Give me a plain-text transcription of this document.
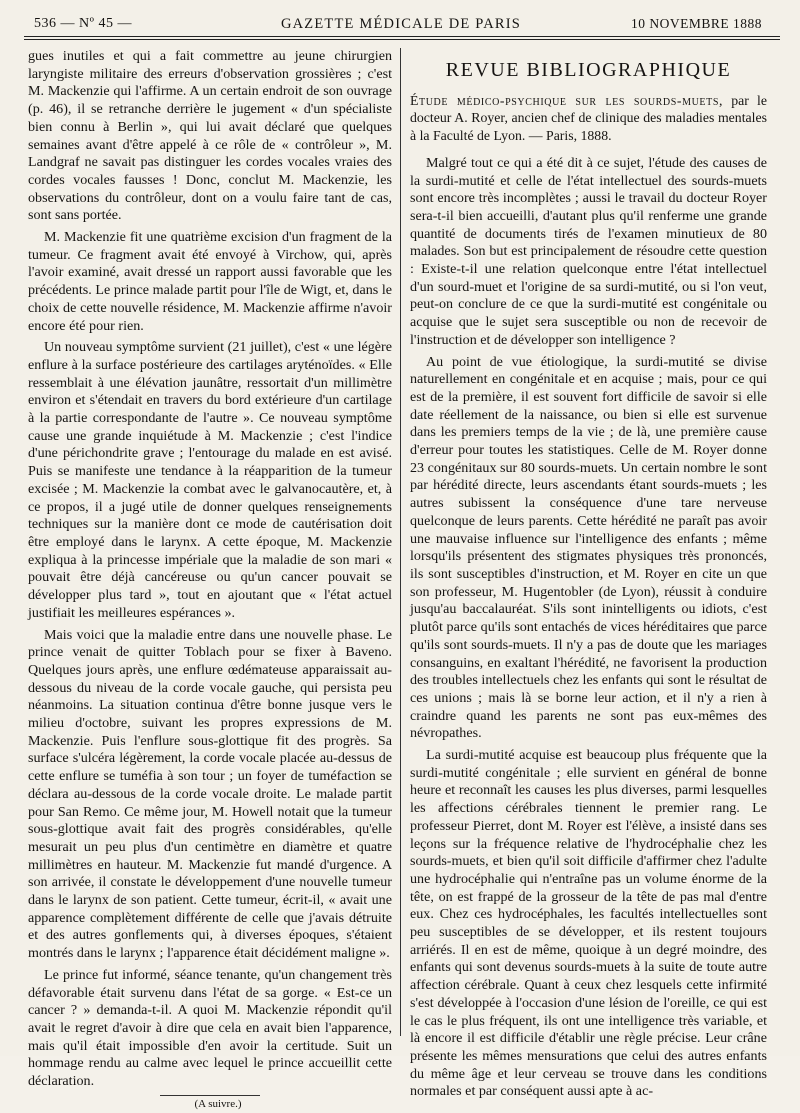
536 — Nº 45 —	GAZETTE MÉDICALE DE PARIS	10 NOVEMBRE 1888

gues inutiles et qui a fait commettre au jeune chirurgien laryngiste militaire des erreurs d'observation grossières ; c'est M. Mackenzie qui l'affirme. A un certain endroit de son ouvrage (p. 46), il se retranche derrière le jugement « d'un spécialiste bien connu à Berlin », qui lui avait déclaré que quelques semaines avant d'être appelé à ce rôle de « contrôleur », M. Landgraf ne savait pas distinguer les cordes vocales vraies des cordes vocales fausses ! Donc, conclut M. Mackenzie, les observations du contrôleur, dont on a voulu faire tant de cas, sont sans portée.

M. Mackenzie fit une quatrième excision d'un fragment de la tumeur. Ce fragment avait été envoyé à Virchow, qui, après l'avoir examiné, avait dressé un rapport aussi favorable que les précédents. Le prince malade partit pour l'île de Wigt, et, dans le choix de cette nouvelle résidence, M. Mackenzie affirme n'avoir encore été pour rien.

Un nouveau symptôme survient (21 juillet), c'est « une légère enflure à la surface postérieure des cartilages aryténoïdes. « Elle ressemblait à une élévation jaunâtre, ressortait d'un millimètre environ et s'étendait en travers du bord extérieure d'un cartilage à la partie correspondante de l'autre ». Ce nouveau symptôme cause une grande inquiétude à M. Mackenzie ; c'est l'indice d'une périchondrite grave ; l'entourage du malade en est avisé. Puis se manifeste une tendance à la réapparition de la tumeur excisée ; M. Mackenzie la combat avec le galvanocautère, et, à ce propos, il a jugé utile de donner quelques renseignements techniques sur la manière dont ce mode de cautérisation doit être employé dans le larynx. A cette époque, M. Mackenzie expliqua à la princesse impériale que la maladie de son mari « pouvait être déjà cancéreuse ou qu'un cancer pouvait se développer plus tard », tout en ajoutant que « l'état actuel justifiait les meilleures espérances ».

Mais voici que la maladie entre dans une nouvelle phase. Le prince venait de quitter Toblach pour se fixer à Baveno. Quelques jours après, une enflure œdémateuse apparaissait au-dessous du niveau de la corde vocale gauche, qui persista peu néanmoins. La situation continua d'être bonne jusque vers le milieu d'octobre, suivant les propres expressions de M. Mackenzie. Puis l'enflure sous-glottique fit des progrès. Sa surface s'ulcéra légèrement, la corde vocale placée au-dessus de cette enflure se tuméfia à son tour ; un foyer de tuméfaction se déclara au-dessous de la corde vocale droite. Le malade partit pour San Remo. Ce même jour, M. Howell notait que la tumeur sous-glottique avait fait des progrès considérables, qu'elle mesurait un peu plus d'un centimètre en diamètre et quatre millimètres en hauteur. M. Mackenzie fut mandé d'urgence. A son arrivée, il constate le développement d'une nouvelle tumeur dans le larynx de son patient. Cette tumeur, écrit-il, « avait une apparence complètement différente de celle que j'avais détruite et des autres gonflements qui, à diverses époques, s'étaient montrés dans le larynx ; l'apparence était décidément maligne ».

Le prince fut informé, séance tenante, qu'un changement très défavorable était survenu dans l'état de sa gorge. « Est-ce un cancer ? » demanda-t-il. A quoi M. Mackenzie répondit qu'il avait le regret d'avoir à dire que cela en avait bien l'apparence, mais qu'il était impossible d'en avoir la certitude. Suit un hommage rendu au calme avec lequel le prince accueillit cette déclaration.

(A suivre.)

REVUE BIBLIOGRAPHIQUE

Étude médico-psychique sur les sourds-muets, par le docteur A. Royer, ancien chef de clinique des maladies mentales à la Faculté de Lyon. — Paris, 1888.

Malgré tout ce qui a été dit à ce sujet, l'étude des causes de la surdi-mutité et celle de l'état intellectuel des sourds-muets sont encore très incomplètes ; aussi le travail du docteur Royer sera-t-il bien accueilli, d'autant plus qu'il renferme une grande quantité de documents tirés de l'examen minutieux de 80 malades. Son but est principalement de résoudre cette question : Existe-t-il une relation quelconque entre l'état intellectuel d'un sourd-muet et l'origine de sa surdi-mutité, ou si l'on veut, peut-on conclure de ce que la surdi-mutité est congénitale ou acquise que le sujet sera susceptible ou non de recevoir de l'instruction et de développer son intelligence ?

Au point de vue étiologique, la surdi-mutité se divise naturellement en congénitale et en acquise ; mais, pour ce qui est de la première, il est souvent fort difficile de savoir si elle date réellement de la naissance, ou bien si elle est survenue dans les premiers temps de la vie ; de là, une première cause d'erreur pour toutes les statistiques. Celle de M. Royer donne 23 congénitaux sur 80 sourds-muets. Un certain nombre le sont par hérédité directe, leurs ascendants étant sourds-muets ; les autres subissent la conséquence d'une tare nerveuse quelconque de leurs parents. Cette hérédité ne paraît pas avoir une mauvaise influence sur l'intelligence des enfants ; même lorsqu'ils présentent des stigmates physiques très prononcés, ils sont susceptibles d'instruction, et M. Royer en cite un que son professeur, M. Hugentobler (de Lyon), réussit à conduire jusqu'au baccalauréat. S'ils sont inintelligents ou idiots, c'est plutôt parce qu'ils sont entachés de vices héréditaires que parce qu'ils sont sourds-muets. Il n'y a pas de doute que les mariages consanguins, en exaltant l'hérédité, ne favorisent la production des troubles intellectuels chez les enfants qui sont le résultat de ces unions ; mais là se borne leur action, et il n'y a rien à craindre quand les parents ne sont pas eux-mêmes des névropathes.

La surdi-mutité acquise est beaucoup plus fréquente que la surdi-mutité congénitale ; elle survient en général de bonne heure et reconnaît les causes les plus diverses, parmi lesquelles les affections cérébrales tiennent le premier rang. Le professeur Pierret, dont M. Royer est l'élève, a insisté dans ses leçons sur la fréquence relative de l'hydrocéphalie chez les sourds-muets, et bien qu'il soit difficile d'affirmer chez l'adulte une hydrocéphalie qui n'entraîne pas un volume énorme de la tête, on est frappé de la grosseur de la tête de pas mal d'entre eux. Chez ces hydrocéphales, les facultés intellectuelles sont peu susceptibles de se développer, et ils restent toujours arriérés. Il en est de même, quoique à un degré moindre, des enfants qui sont devenus sourds-muets à la suite de toute autre affection cérébrale. Quant à ceux chez lesquels cette infirmité s'est développée à l'occasion d'une lésion de l'oreille, ce qui est le cas le plus fréquent, ils ont une intelligence très variable, et là encore il est difficile d'établir une règle précise. Leur crâne présente les mêmes mensurations que celui des autres enfants du même âge et leur cerveau se trouve dans les conditions normales et par conséquent aussi apte à ac-
